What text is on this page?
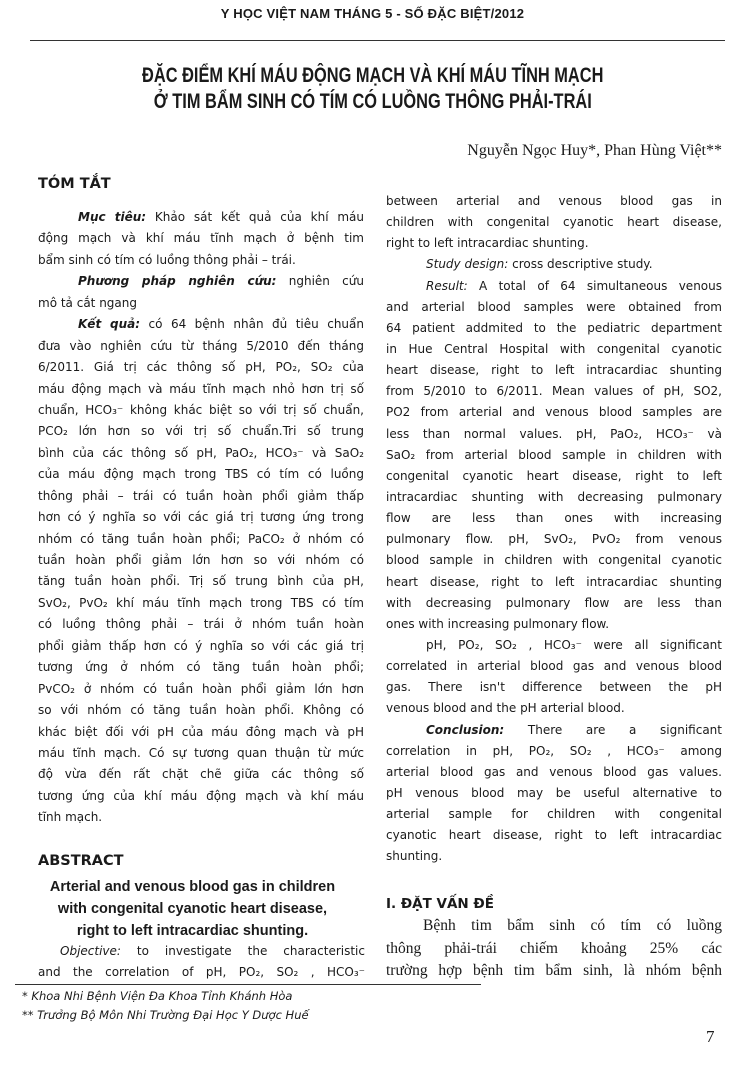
Y HỌC VIỆT NAM THÁNG 5 - SỐ ĐẶC BIỆT/2012
ĐẶC ĐIỂM KHÍ MÁU ĐỘNG MẠCH VÀ KHÍ MÁU TĨNH MẠCH
Ở TIM BẨM SINH CÓ TÍM CÓ LUỒNG THÔNG PHẢI-TRÁI
Nguyễn Ngọc Huy*, Phan Hùng Việt**
TÓM TẮT
Mục tiêu: Khảo sát kết quả của khí máu
động mạch và khí máu tĩnh mạch ở bệnh tim
bẩm sinh có tím có luồng thông phải – trái.
Phương pháp nghiên cứu: nghiên cứu
mô tả cắt ngang
Kết quả: có 64 bệnh nhân đủ tiêu chuẩn
đưa vào nghiên cứu từ tháng 5/2010 đến tháng
6/2011. Giá trị các thông số pH, PO₂, SO₂ của
máu động mạch và máu tĩnh mạch nhỏ hơn trị số
chuẩn, HCO₃⁻ không khác biệt so với trị số chuẩn,
PCO₂ lớn hơn so với trị số chuẩn.Tri số trung
bình của các thông số pH, PaO₂, HCO₃⁻ và SaO₂
của máu động mạch trong TBS có tím có luồng
thông phải – trái có tuần hoàn phổi giảm thấp
hơn có ý nghĩa so với các giá trị tương ứng trong
nhóm có tăng tuần hoàn phổi; PaCO₂ ở nhóm có
tuần hoàn phổi giảm lớn hơn so với nhóm có
tăng tuần hoàn phổi. Trị số trung bình của pH,
SvO₂, PvO₂ khí máu tĩnh mạch trong TBS có tím
có luồng thông phải – trái ở nhóm tuần hoàn
phổi giảm thấp hơn có ý nghĩa so với các giá trị
tương ứng ở nhóm có tăng tuần hoàn phổi;
PvCO₂ ở nhóm có tuần hoàn phổi giảm lớn hơn
so với nhóm có tăng tuần hoàn phổi. Không có
khác biệt đối với pH của máu đông mạch và pH
máu tĩnh mạch. Có sự tương quan thuận từ mức
độ vừa đến rất chặt chẽ giữa các thông số
tương ứng của khí máu động mạch và khí máu
tĩnh mạch.
ABSTRACT
Arterial and venous blood gas in children
with congenital cyanotic heart disease,
right to left intracardiac shunting.
Objective: to investigate the characteristic
and the correlation of pH, PO₂, SO₂ , HCO₃⁻
* Khoa Nhi Bệnh Viện Đa Khoa Tỉnh Khánh Hòa
** Trưởng Bộ Môn Nhi Trường Đại Học Y Dược Huế
between arterial and venous blood gas in
children with congenital cyanotic heart disease,
right to left intracardiac shunting.
Study design: cross descriptive study.
Result: A total of 64 simultaneous venous
and arterial blood samples were obtained from
64 patient addmited to the pediatric department
in Hue Central Hospital with congenital cyanotic
heart disease, right to left intracardiac shunting
from 5/2010 to 6/2011. Mean values of pH, SO2,
PO2 from arterial and venous blood samples are
less than normal values. pH, PaO₂, HCO₃⁻ và
SaO₂ from arterial blood sample in children with
congenital cyanotic heart disease, right to left
intracardiac shunting with decreasing pulmonary
flow are less than ones with increasing
pulmonary flow. pH, SvO₂, PvO₂ from venous
blood sample in children with congenital cyanotic
heart disease, right to left intracardiac shunting
with decreasing pulmonary flow are less than
ones with increasing pulmonary flow.
pH, PO₂, SO₂ , HCO₃⁻ were all significant
correlated in arterial blood gas and venous blood
gas. There isn't difference between the pH
venous blood and the pH arterial blood.
Conclusion: There are a significant
correlation in pH, PO₂, SO₂ , HCO₃⁻ among
arterial blood gas and venous blood gas values.
pH venous blood may be useful alternative to
arterial sample for children with congenital
cyanotic heart disease, right to left intracardiac
shunting.
I. ĐẶT VẤN ĐỀ
Bệnh tim bẩm sinh có tím có luồng
thông phải-trái chiếm khoảng 25% các
trường hợp bệnh tim bẩm sinh, là nhóm bệnh
7
